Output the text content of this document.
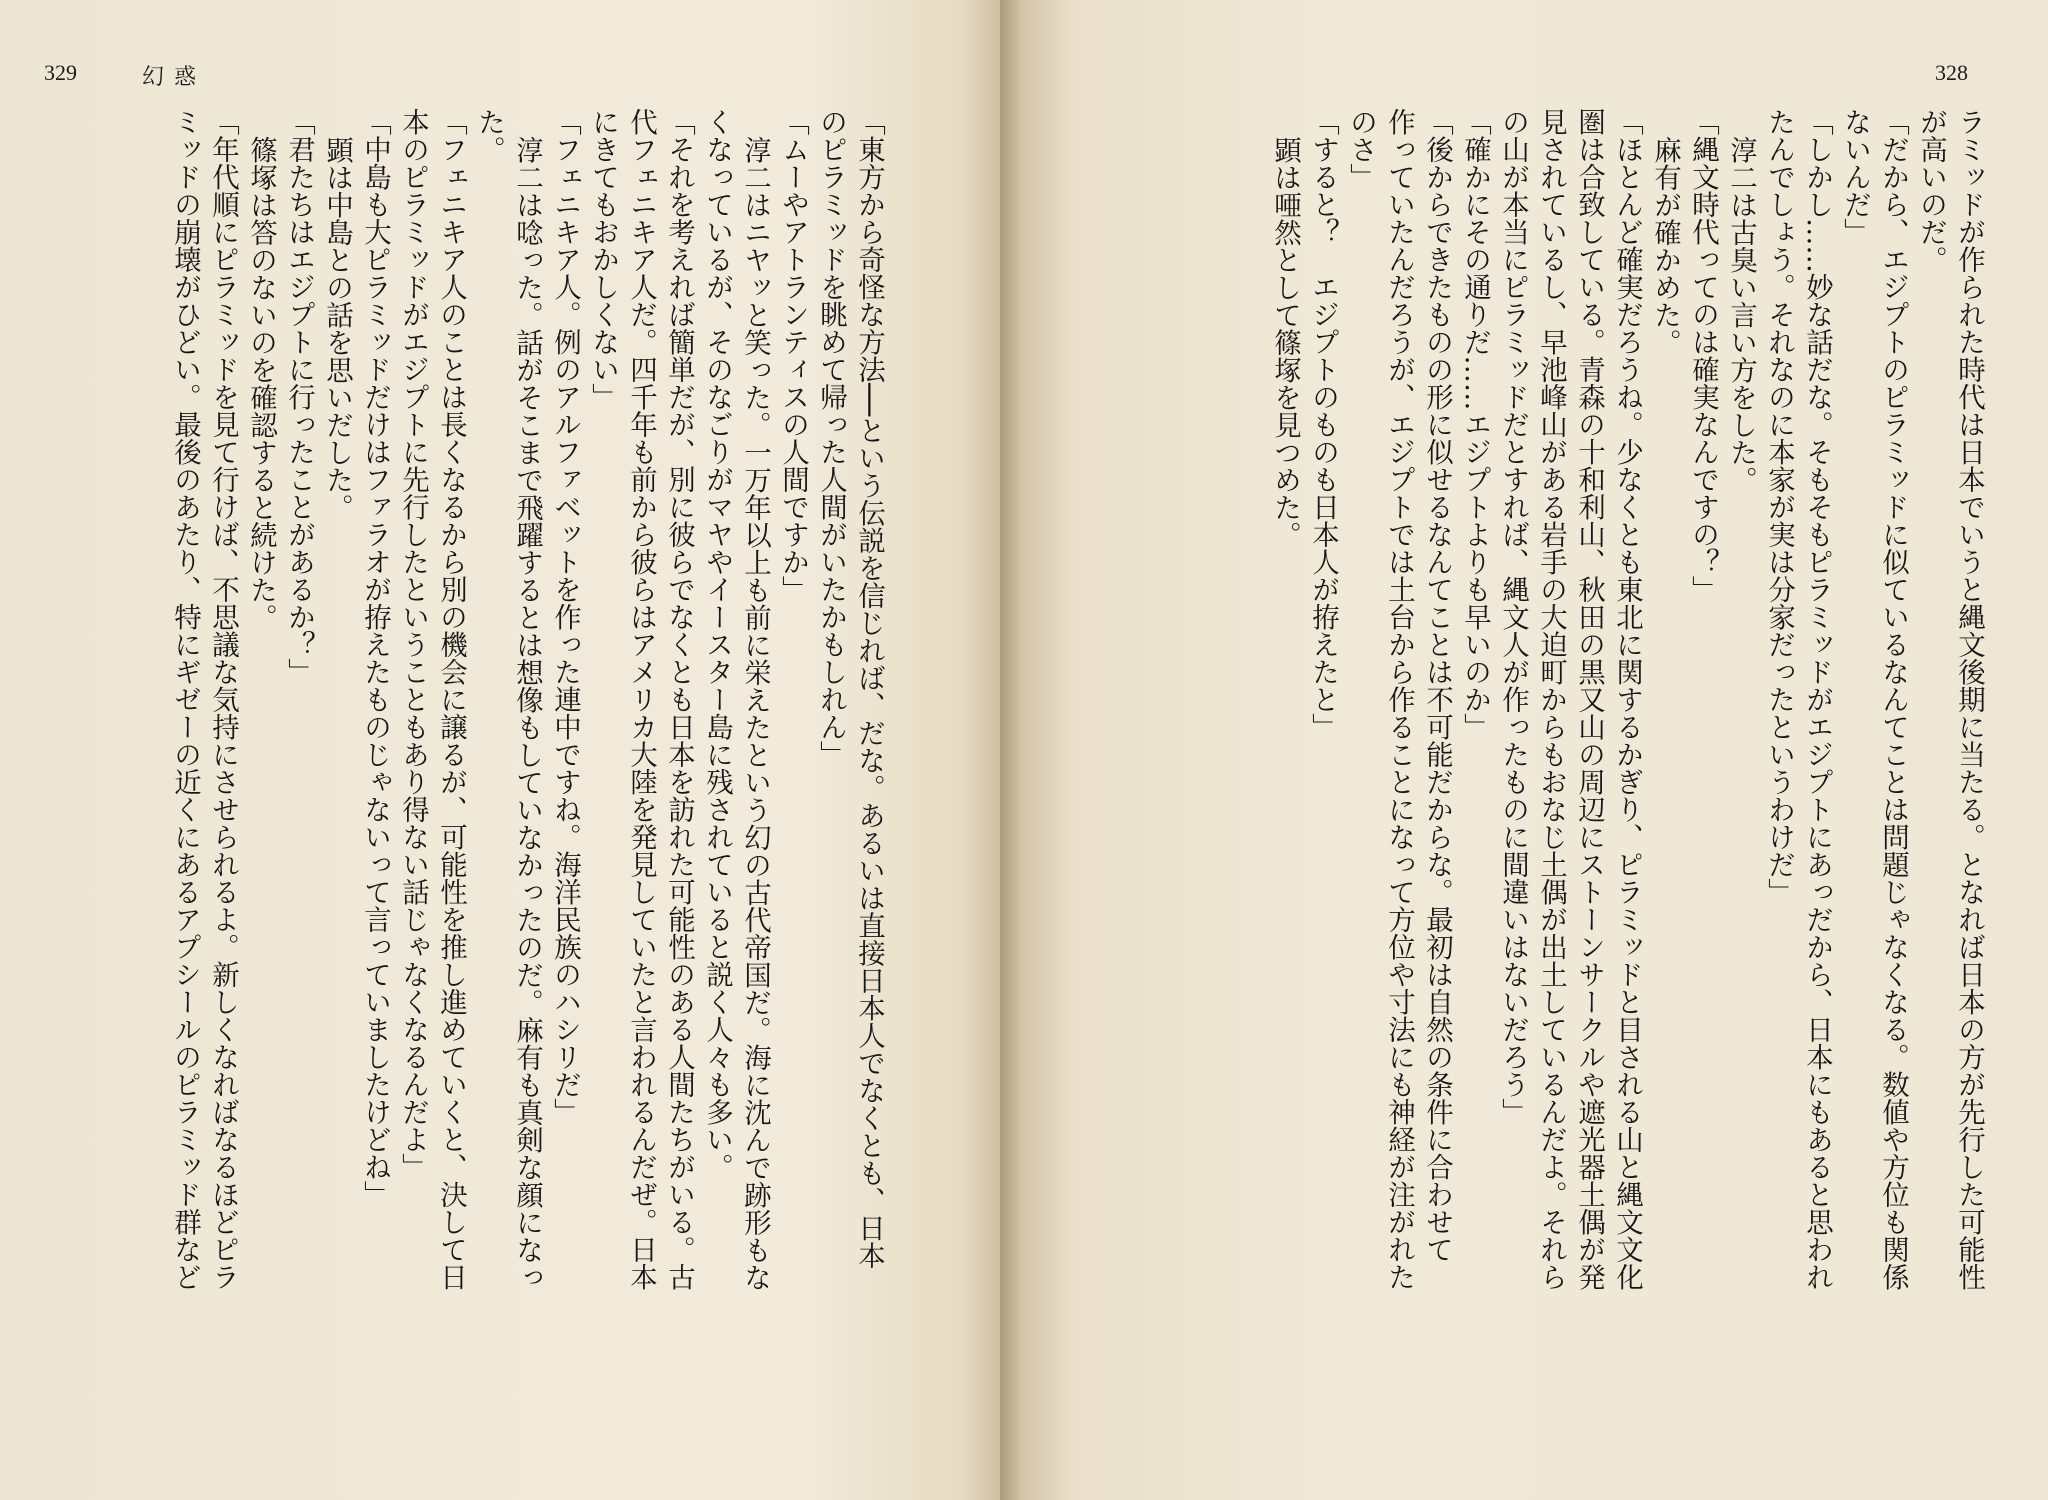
329	幻惑

「東方から奇怪な方法──という伝説を信じれば、だな。あるいは直接日本人でなくとも、日本

のピラミッドを眺めて帰った人間がいたかもしれん」

「ムーやアトランティスの人間ですか」

淳二はニヤッと笑った。一万年以上も前に栄えたという幻の古代帝国だ。海に沈んで跡形もな

くなっているが、そのなごりがマヤやイースター島に残されていると説く人々も多い。

「それを考えれば簡単だが、別に彼らでなくとも日本を訪れた可能性のある人間たちがいる。古

代フェニキア人だ。四千年も前から彼らはアメリカ大陸を発見していたと言われるんだぜ。日本

にきてもおかしくない」

「フェニキア人。例のアルファベットを作った連中ですね。海洋民族のハシリだ」

淳二は唸った。話がそこまで飛躍するとは想像もしていなかったのだ。麻有も真剣な顔になっ

た。

「フェニキア人のことは長くなるから別の機会に譲るが、可能性を推し進めていくと、決して日

本のピラミッドがエジプトに先行したということもあり得ない話じゃなくなるんだよ」

「中島も大ピラミッドだけはファラオが拵えたものじゃないって言っていましたけどね」

顕は中島との話を思いだした。

「君たちはエジプトに行ったことがあるか？」

篠塚は答のないのを確認すると続けた。

「年代順にピラミッドを見て行けば、不思議な気持にさせられるよ。新しくなればなるほどピラ

ミッドの崩壊がひどい。最後のあたり、特にギゼーの近くにあるアプシールのピラミッド群など

328

ラミッドが作られた時代は日本でいうと縄文後期に当たる。となれば日本の方が先行した可能性

が高いのだ。

「だから、エジプトのピラミッドに似ているなんてことは問題じゃなくなる。数値や方位も関係

ないんだ」

「しかし……妙な話だな。そもそもピラミッドがエジプトにあっだから、日本にもあると思われ

たんでしょう。それなのに本家が実は分家だったというわけだ」

淳二は古臭い言い方をした。

「縄文時代ってのは確実なんですの？」

麻有が確かめた。

「ほとんど確実だろうね。少なくとも東北に関するかぎり、ピラミッドと目される山と縄文文化

圏は合致している。青森の十和利山、秋田の黒又山の周辺にストーンサークルや遮光器土偶が発

見されているし、早池峰山がある岩手の大迫町からもおなじ土偶が出土しているんだよ。それら

の山が本当にピラミッドだとすれば、縄文人が作ったものに間違いはないだろう」

「確かにその通りだ……エジプトよりも早いのか」

「後からできたものの形に似せるなんてことは不可能だからな。最初は自然の条件に合わせて

作っていたんだろうが、エジプトでは土台から作ることになって方位や寸法にも神経が注がれた

のさ」

「すると？　エジプトのものも日本人が拵えたと」

顕は唖然として篠塚を見つめた。
